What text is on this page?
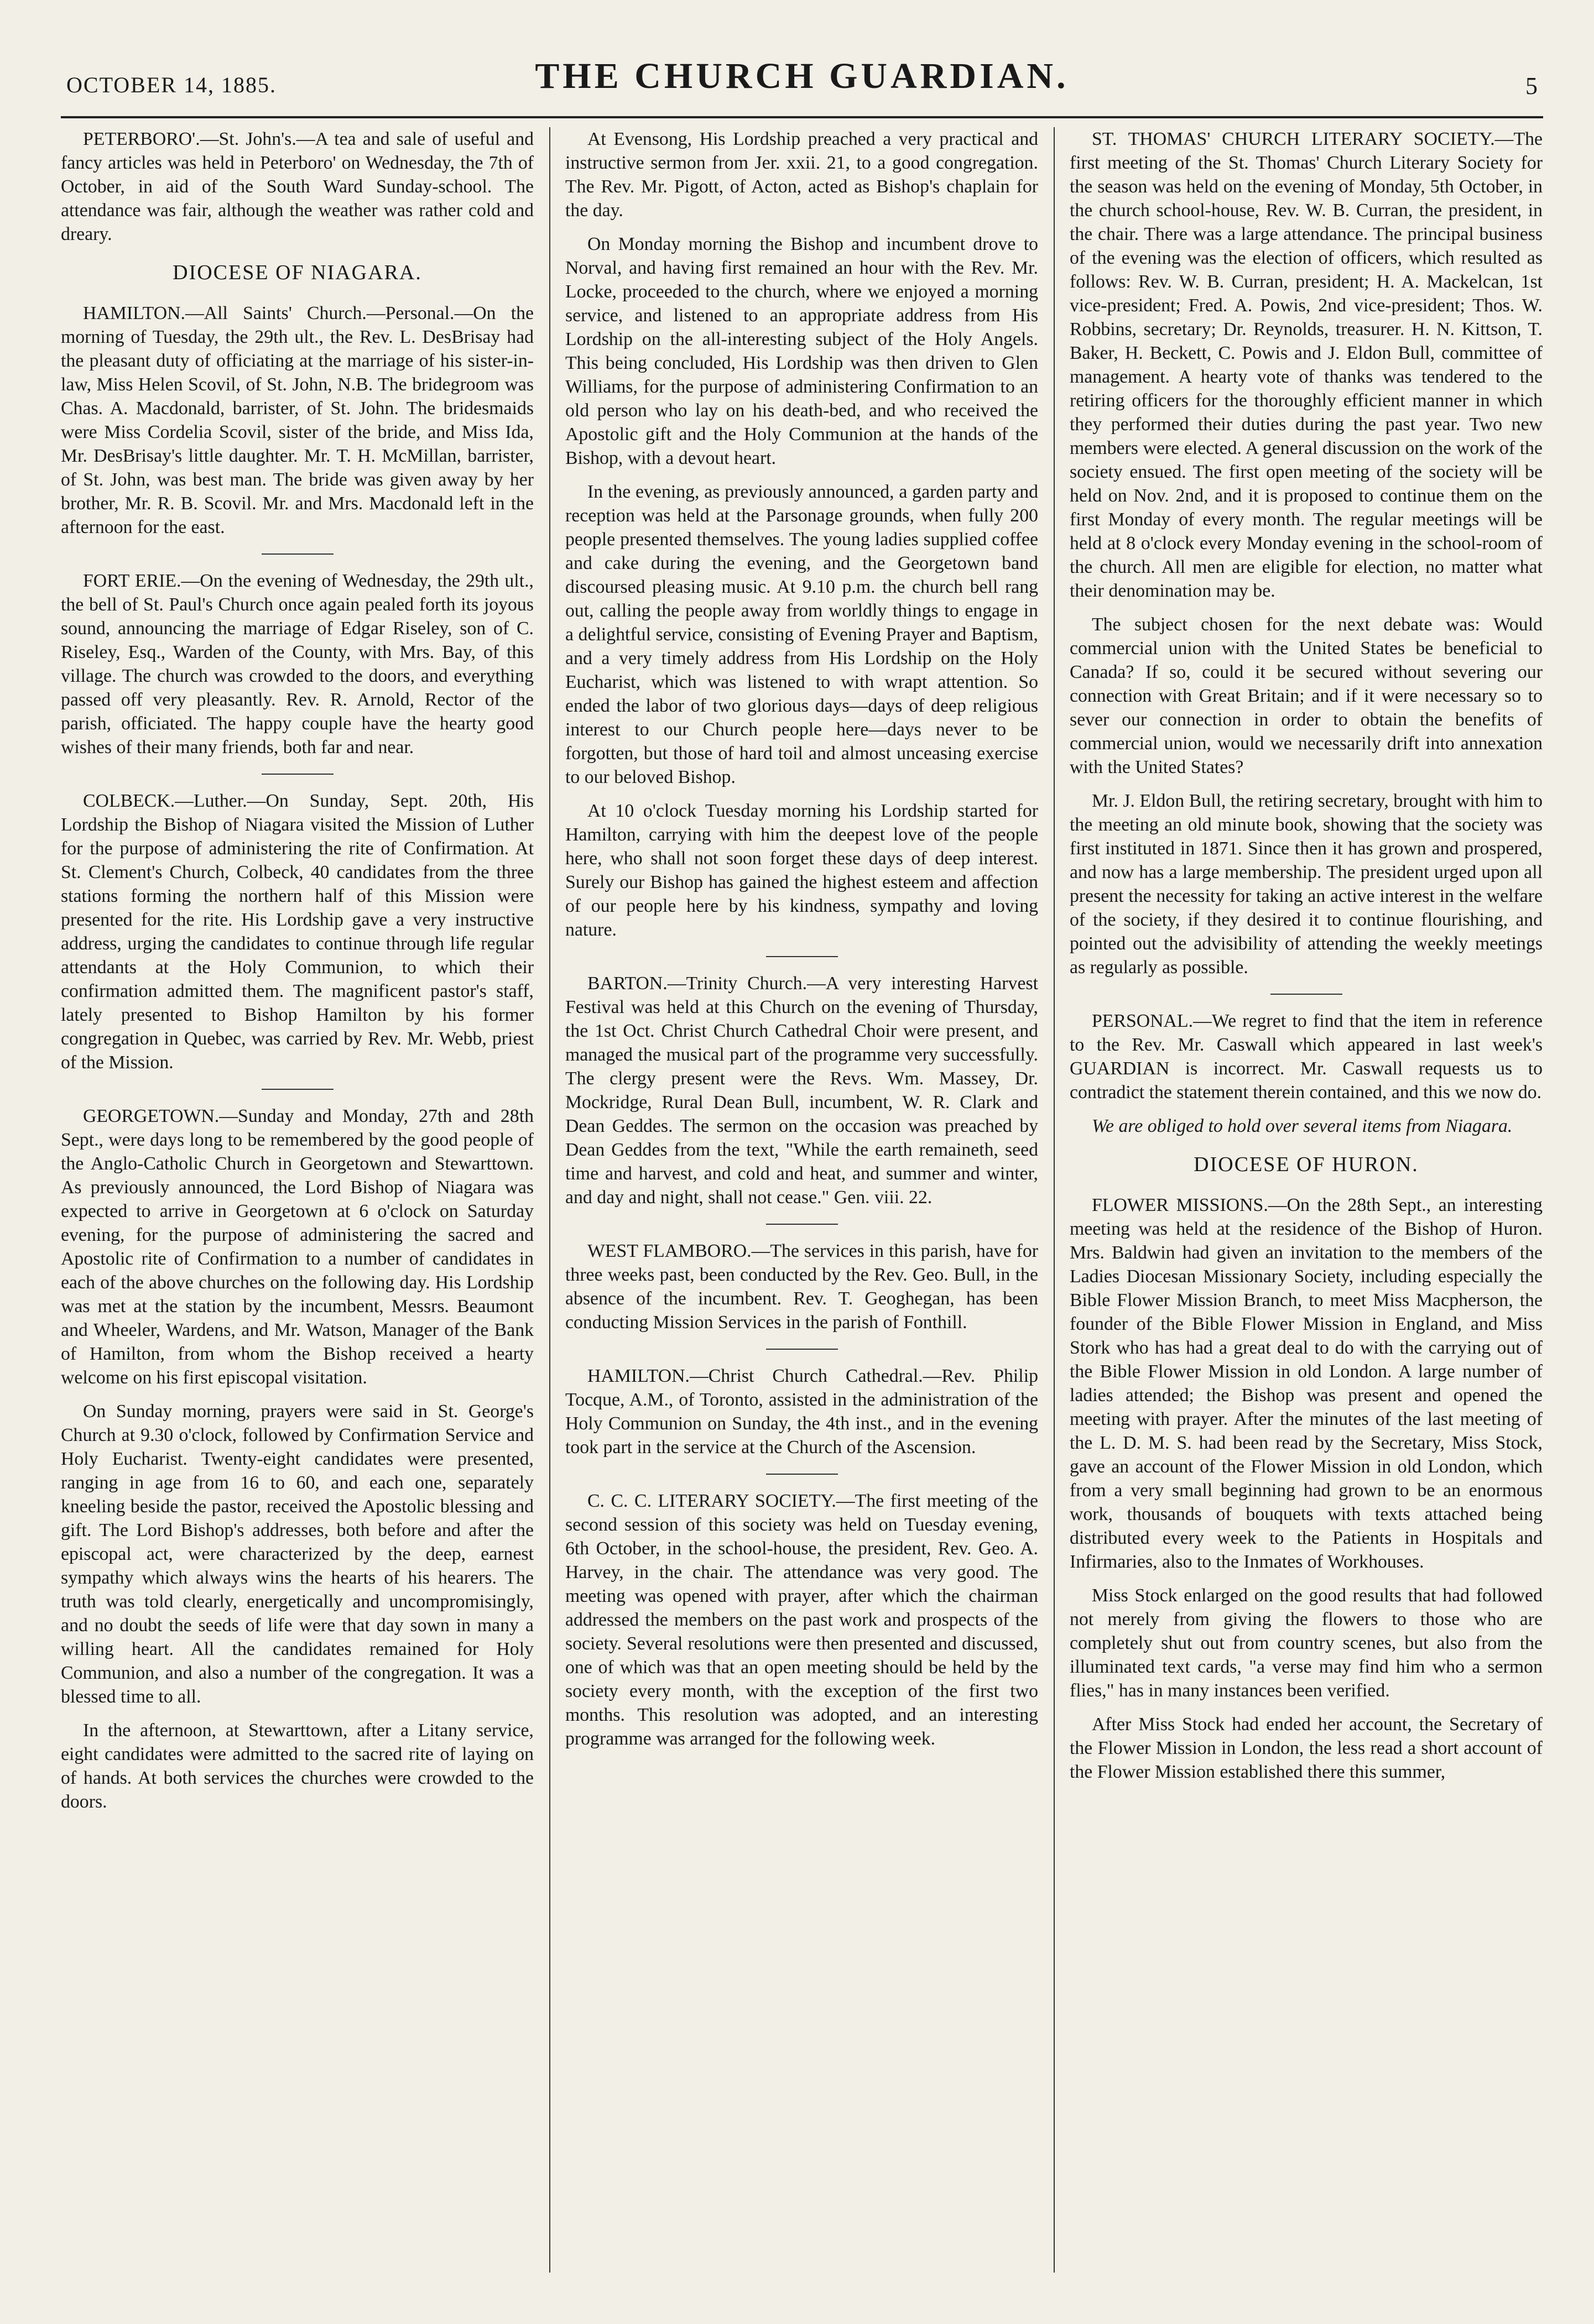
OCTOBER 14, 1885.	THE CHURCH GUARDIAN.	5

PETERBORO'.—St. John's.—A tea and sale of useful and fancy articles was held in Peterboro' on Wednesday, the 7th of October, in aid of the South Ward Sunday-school. The attendance was fair, although the weather was rather cold and dreary.

DIOCESE OF NIAGARA.

HAMILTON.—All Saints' Church.—Personal.—On the morning of Tuesday, the 29th ult., the Rev. L. DesBrisay had the pleasant duty of officiating at the marriage of his sister-in-law, Miss Helen Scovil, of St. John, N.B. The bridegroom was Chas. A. Macdonald, barrister, of St. John. The bridesmaids were Miss Cordelia Scovil, sister of the bride, and Miss Ida, Mr. DesBrisay's little daughter. Mr. T. H. McMillan, barrister, of St. John, was best man. The bride was given away by her brother, Mr. R. B. Scovil. Mr. and Mrs. Macdonald left in the afternoon for the east.

FORT ERIE.—On the evening of Wednesday, the 29th ult., the bell of St. Paul's Church once again pealed forth its joyous sound, announcing the marriage of Edgar Riseley, son of C. Riseley, Esq., Warden of the County, with Mrs. Bay, of this village. The church was crowded to the doors, and everything passed off very pleasantly. Rev. R. Arnold, Rector of the parish, officiated. The happy couple have the hearty good wishes of their many friends, both far and near.

COLBECK.—Luther.—On Sunday, Sept. 20th, His Lordship the Bishop of Niagara visited the Mission of Luther for the purpose of administering the rite of Confirmation. At St. Clement's Church, Colbeck, 40 candidates from the three stations forming the northern half of this Mission were presented for the rite. His Lordship gave a very instructive address, urging the candidates to continue through life regular attendants at the Holy Communion, to which their confirmation admitted them. The magnificent pastor's staff, lately presented to Bishop Hamilton by his former congregation in Quebec, was carried by Rev. Mr. Webb, priest of the Mission.

GEORGETOWN.—Sunday and Monday, 27th and 28th Sept., were days long to be remembered by the good people of the Anglo-Catholic Church in Georgetown and Stewarttown. As previously announced, the Lord Bishop of Niagara was expected to arrive in Georgetown at 6 o'clock on Saturday evening, for the purpose of administering the sacred and Apostolic rite of Confirmation to a number of candidates in each of the above churches on the following day. His Lordship was met at the station by the incumbent, Messrs. Beaumont and Wheeler, Wardens, and Mr. Watson, Manager of the Bank of Hamilton, from whom the Bishop received a hearty welcome on his first episcopal visitation.

On Sunday morning, prayers were said in St. George's Church at 9.30 o'clock, followed by Confirmation Service and Holy Eucharist. Twenty-eight candidates were presented, ranging in age from 16 to 60, and each one, separately kneeling beside the pastor, received the Apostolic blessing and gift. The Lord Bishop's addresses, both before and after the episcopal act, were characterized by the deep, earnest sympathy which always wins the hearts of his hearers. The truth was told clearly, energetically and uncompromisingly, and no doubt the seeds of life were that day sown in many a willing heart. All the candidates remained for Holy Communion, and also a number of the congregation. It was a blessed time to all.

In the afternoon, at Stewarttown, after a Litany service, eight candidates were admitted to the sacred rite of laying on of hands. At both services the churches were crowded to the doors.

At Evensong, His Lordship preached a very practical and instructive sermon from Jer. xxii. 21, to a good congregation. The Rev. Mr. Pigott, of Acton, acted as Bishop's chaplain for the day.

On Monday morning the Bishop and incumbent drove to Norval, and having first remained an hour with the Rev. Mr. Locke, proceeded to the church, where we enjoyed a morning service, and listened to an appropriate address from His Lordship on the all-interesting subject of the Holy Angels. This being concluded, His Lordship was then driven to Glen Williams, for the purpose of administering Confirmation to an old person who lay on his death-bed, and who received the Apostolic gift and the Holy Communion at the hands of the Bishop, with a devout heart.

In the evening, as previously announced, a garden party and reception was held at the Parsonage grounds, when fully 200 people presented themselves. The young ladies supplied coffee and cake during the evening, and the Georgetown band discoursed pleasing music. At 9.10 p.m. the church bell rang out, calling the people away from worldly things to engage in a delightful service, consisting of Evening Prayer and Baptism, and a very timely address from His Lordship on the Holy Eucharist, which was listened to with wrapt attention. So ended the labor of two glorious days—days of deep religious interest to our Church people here—days never to be forgotten, but those of hard toil and almost unceasing exercise to our beloved Bishop.

At 10 o'clock Tuesday morning his Lordship started for Hamilton, carrying with him the deepest love of the people here, who shall not soon forget these days of deep interest. Surely our Bishop has gained the highest esteem and affection of our people here by his kindness, sympathy and loving nature.

BARTON.—Trinity Church.—A very interesting Harvest Festival was held at this Church on the evening of Thursday, the 1st Oct. Christ Church Cathedral Choir were present, and managed the musical part of the programme very successfully. The clergy present were the Revs. Wm. Massey, Dr. Mockridge, Rural Dean Bull, incumbent, W. R. Clark and Dean Geddes. The sermon on the occasion was preached by Dean Geddes from the text, "While the earth remaineth, seed time and harvest, and cold and heat, and summer and winter, and day and night, shall not cease." Gen. viii. 22.

WEST FLAMBORO.—The services in this parish, have for three weeks past, been conducted by the Rev. Geo. Bull, in the absence of the incumbent. Rev. T. Geoghegan, has been conducting Mission Services in the parish of Fonthill.

HAMILTON.—Christ Church Cathedral.—Rev. Philip Tocque, A.M., of Toronto, assisted in the administration of the Holy Communion on Sunday, the 4th inst., and in the evening took part in the service at the Church of the Ascension.

C. C. C. LITERARY SOCIETY.—The first meeting of the second session of this society was held on Tuesday evening, 6th October, in the school-house, the president, Rev. Geo. A. Harvey, in the chair. The attendance was very good. The meeting was opened with prayer, after which the chairman addressed the members on the past work and prospects of the society. Several resolutions were then presented and discussed, one of which was that an open meeting should be held by the society every month, with the exception of the first two months. This resolution was adopted, and an interesting programme was arranged for the following week.

ST. THOMAS' CHURCH LITERARY SOCIETY.—The first meeting of the St. Thomas' Church Literary Society for the season was held on the evening of Monday, 5th October, in the church school-house, Rev. W. B. Curran, the president, in the chair. There was a large attendance. The principal business of the evening was the election of officers, which resulted as follows: Rev. W. B. Curran, president; H. A. Mackelcan, 1st vice-president; Fred. A. Powis, 2nd vice-president; Thos. W. Robbins, secretary; Dr. Reynolds, treasurer. H. N. Kittson, T. Baker, H. Beckett, C. Powis and J. Eldon Bull, committee of management. A hearty vote of thanks was tendered to the retiring officers for the thoroughly efficient manner in which they performed their duties during the past year. Two new members were elected. A general discussion on the work of the society ensued. The first open meeting of the society will be held on Nov. 2nd, and it is proposed to continue them on the first Monday of every month. The regular meetings will be held at 8 o'clock every Monday evening in the school-room of the church. All men are eligible for election, no matter what their denomination may be.

The subject chosen for the next debate was: Would commercial union with the United States be beneficial to Canada? If so, could it be secured without severing our connection with Great Britain; and if it were necessary so to sever our connection in order to obtain the benefits of commercial union, would we necessarily drift into annexation with the United States?

Mr. J. Eldon Bull, the retiring secretary, brought with him to the meeting an old minute book, showing that the society was first instituted in 1871. Since then it has grown and prospered, and now has a large membership. The president urged upon all present the necessity for taking an active interest in the welfare of the society, if they desired it to continue flourishing, and pointed out the advisibility of attending the weekly meetings as regularly as possible.

PERSONAL.—We regret to find that the item in reference to the Rev. Mr. Caswall which appeared in last week's GUARDIAN is incorrect. Mr. Caswall requests us to contradict the statement therein contained, and this we now do.

We are obliged to hold over several items from Niagara.

DIOCESE OF HURON.

FLOWER MISSIONS.—On the 28th Sept., an interesting meeting was held at the residence of the Bishop of Huron. Mrs. Baldwin had given an invitation to the members of the Ladies Diocesan Missionary Society, including especially the Bible Flower Mission Branch, to meet Miss Macpherson, the founder of the Bible Flower Mission in England, and Miss Stork who has had a great deal to do with the carrying out of the Bible Flower Mission in old London. A large number of ladies attended; the Bishop was present and opened the meeting with prayer. After the minutes of the last meeting of the L. D. M. S. had been read by the Secretary, Miss Stock, gave an account of the Flower Mission in old London, which from a very small beginning had grown to be an enormous work, thousands of bouquets with texts attached being distributed every week to the Patients in Hospitals and Infirmaries, also to the Inmates of Workhouses.

Miss Stock enlarged on the good results that had followed not merely from giving the flowers to those who are completely shut out from country scenes, but also from the illuminated text cards, "a verse may find him who a sermon flies," has in many instances been verified.

After Miss Stock had ended her account, the Secretary of the Flower Mission in London, the less read a short account of the Flower Mission established there this summer,
